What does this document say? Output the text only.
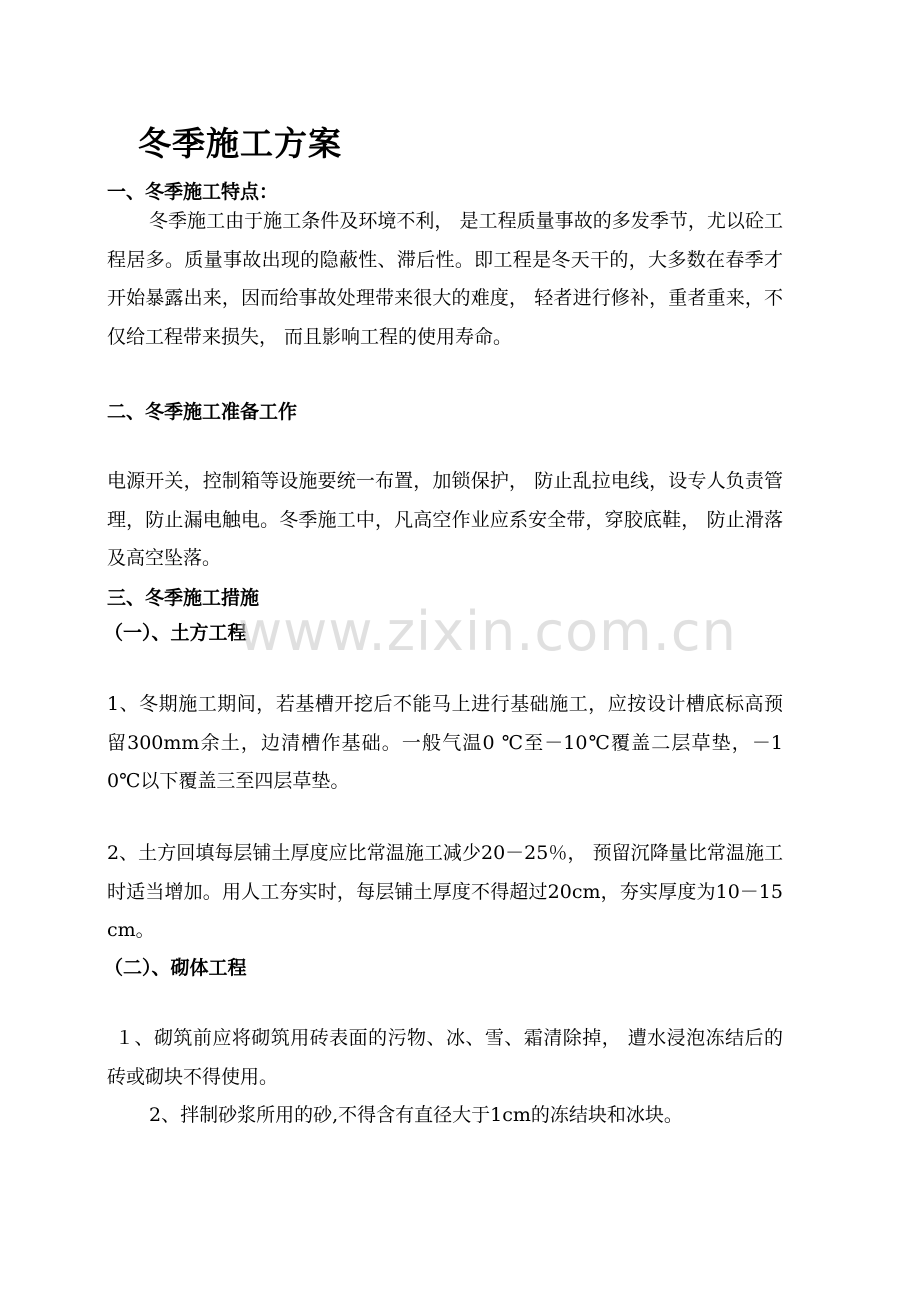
冬季施工方案
一、冬季施工特点：

冬季施工由于施工条件及环境不利， 是工程质量事故的多发季节，尤以砼工程居多。质量事故出现的隐蔽性、滞后性。即工程是冬天干的，大多数在春季才开始暴露出来，因而给事故处理带来很大的难度， 轻者进行修补，重者重来，不仅给工程带来损失， 而且影响工程的使用寿命。

二、冬季施工准备工作

电源开关，控制箱等设施要统一布置，加锁保护， 防止乱拉电线，设专人负责管理，防止漏电触电。冬季施工中，凡高空作业应系安全带，穿胶底鞋， 防止滑落及高空坠落。

三、冬季施工措施
（一）、土方工程

1、冬期施工期间，若基槽开挖后不能马上进行基础施工，应按设计槽底标高预留300mm余土，边清槽作基础。一般气温0 ℃至－10℃覆盖二层草垫，－10℃以下覆盖三至四层草垫。

2、土方回填每层铺土厚度应比常温施工减少20－25％， 预留沉降量比常温施工时适当增加。用人工夯实时，每层铺土厚度不得超过20cm，夯实厚度为10－15cm。

（二）、砌体工程

１、砌筑前应将砌筑用砖表面的污物、冰、雪、霜清除掉， 遭水浸泡冻结后的砖或砌块不得使用。

2、拌制砂浆所用的砂,不得含有直径大于1cm的冻结块和冰块。

www.zixin.com.cn
